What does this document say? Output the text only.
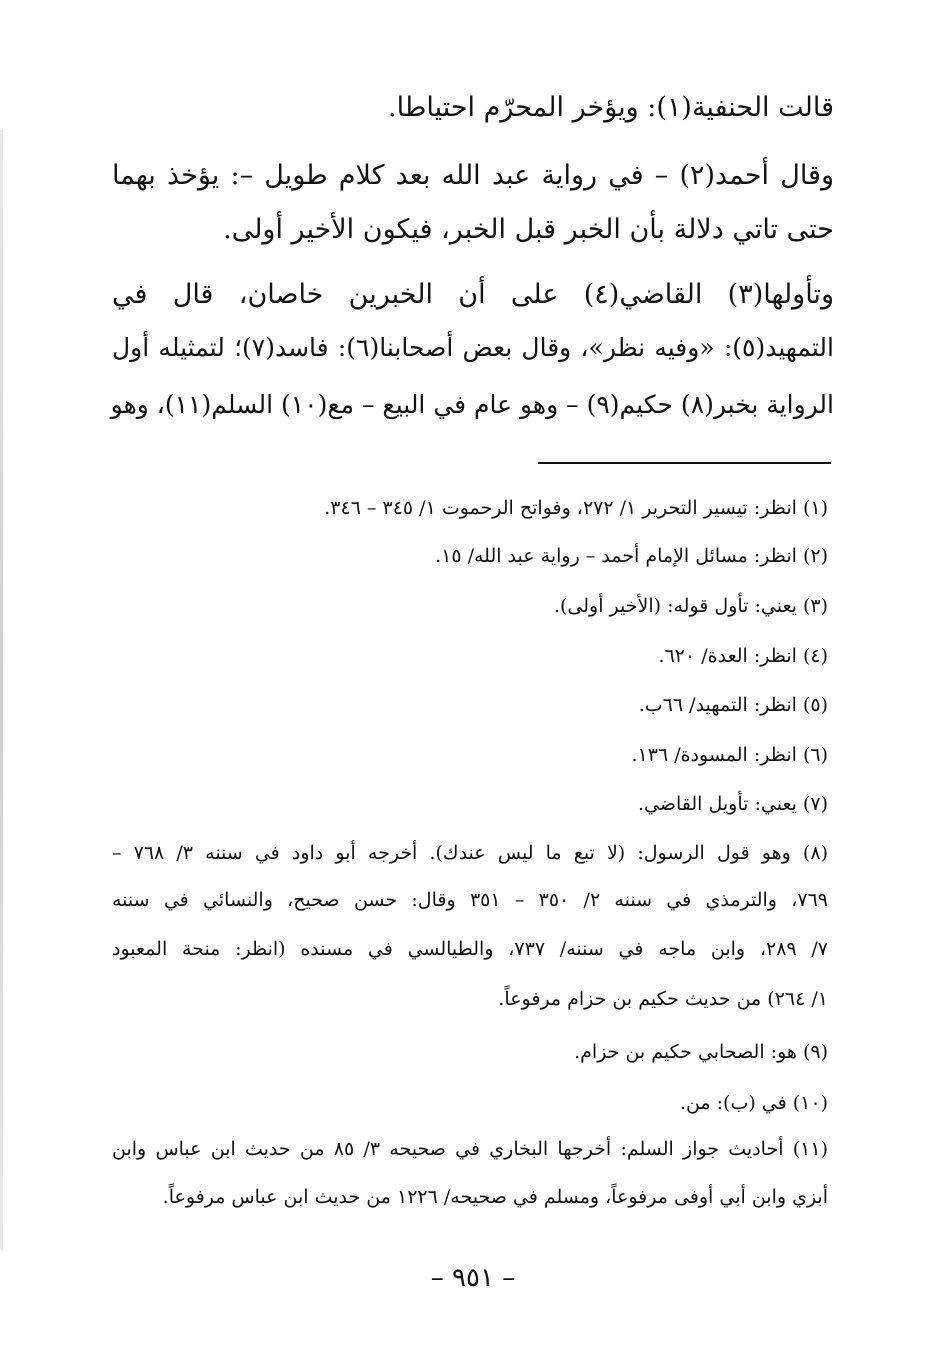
قالت الحنفية(١): ويؤخر المحرّم احتياطا.
وقال أحمد(٢) – في رواية عبد الله بعد كلام طويل –: يؤخذ بهما
حتى تاتي دلالة بأن الخبر قبل الخبر، فيكون الأخير أولى.
وتأولها(٣) القاضي(٤) على أن الخبرين خاصان، قال في
التمهيد(٥): «وفيه نظر»، وقال بعض أصحابنا(٦): فاسد(٧)؛ لتمثيله أول
الرواية بخبر(٨) حكيم(٩) – وهو عام في البيع – مع(١٠) السلم(١١)، وهو
(١) انظر: تيسير التحرير ١/ ٢٧٢، وفواتح الرحموت ١/ ٣٤٥ – ٣٤٦.
(٢) انظر: مسائل الإمام أحمد – رواية عبد الله/ ١٥.
(٣) يعني: تأول قوله: (الأخير أولى).
(٤) انظر: العدة/ ٦٢٠.
(٥) انظر: التمهيد/ ٦٦ب.
(٦) انظر: المسودة/ ١٣٦.
(٧) يعني: تأويل القاضي.
(٨) وهو قول الرسول: (لا تبع ما ليس عندك). أخرجه أبو داود في سننه ٣/ ٧٦٨ –
٧٦٩، والترمذي في سننه ٢/ ٣٥٠ – ٣٥١ وقال: حسن صحيح، والنسائي في سننه
٧/ ٢٨٩، وابن ماجه في سننه/ ٧٣٧، والطيالسي في مسنده (انظر: منحة المعبود
١/ ٢٦٤) من حديث حكيم بن حزام مرفوعاً.
(٩) هو: الصحابي حكيم بن حزام.
(١٠) في (ب): من.
(١١) أحاديث جواز السلم: أخرجها البخاري في صحيحه ٣/ ٨٥ من حديث ابن عباس وابن
أبزي وابن أبي أوفى مرفوعاً، ومسلم في صحيحه/ ١٢٢٦ من حديث ابن عباس مرفوعاً.
– ٩٥١ –
